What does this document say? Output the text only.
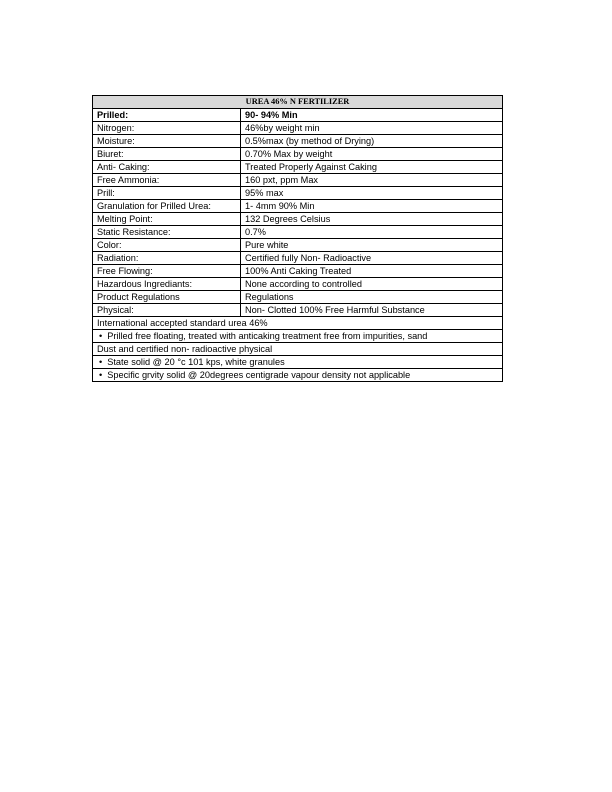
UREA 46% N FERTILIZER	
Prilled:	90- 94% Min
Nitrogen:	46%by weight min
Moisture:	0.5%max (by method of Drying)
Biuret:	0.70% Max by weight
Anti- Caking:	Treated Properly Against Caking
Free Ammonia:	160 pxt, ppm Max
Prill:	95% max
Granulation for Prilled Urea:	1- 4mm 90% Min
Melting Point:	132 Degrees Celsius
Static Resistance:	0.7%
Color:	Pure white
Radiation:	Certified fully Non- Radioactive
Free Flowing:	100% Anti Caking Treated
Hazardous Ingrediants:	None according to controlled
Product Regulations	Regulations
Physical:	Non- Clotted 100% Free Harmful Substance
International accepted standard urea 46%	
• Prilled free floating, treated with anticaking treatment free from impurities, sand
Dust and certified non- radioactive physical	
• State solid @ 20 °c 101 kps, white granules
• Specific grvity solid @ 20degrees centigrade vapour density not applicable
